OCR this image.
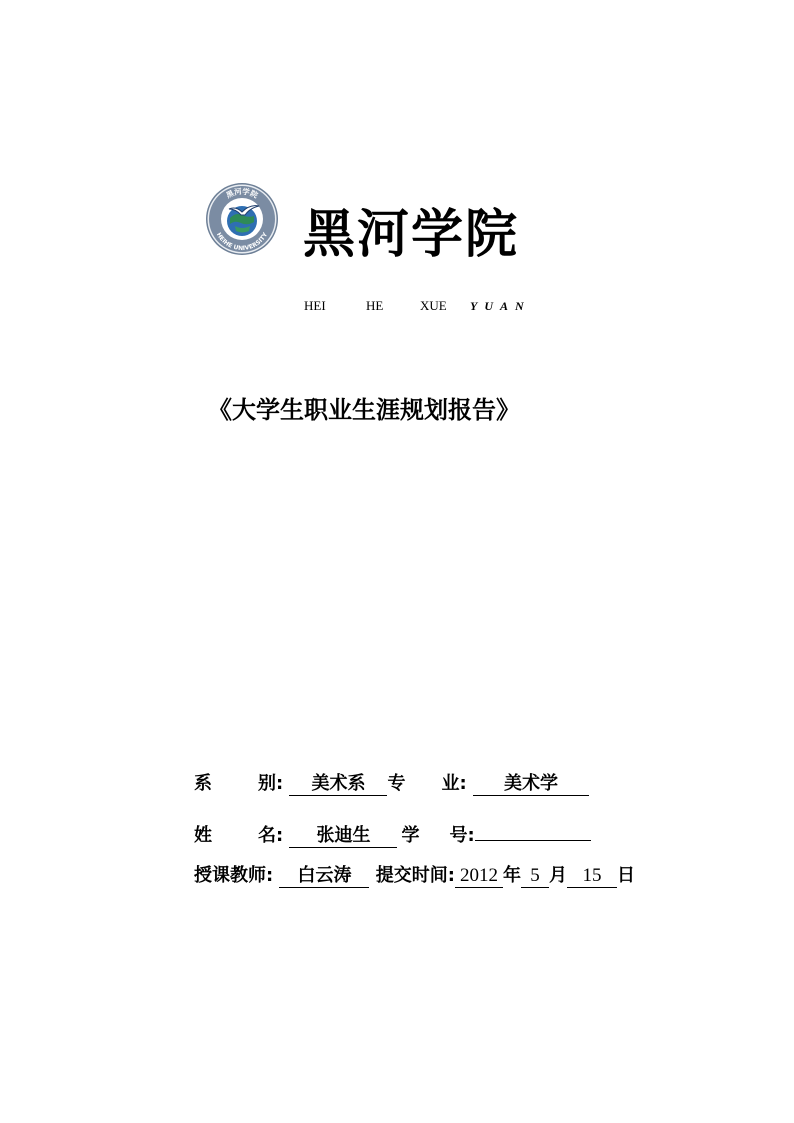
黑河学院
HEIHE UNIVERSITY 黑河学院
HEI	HE	XUE YUAN
《大学生职业生涯规划报告》
系	别: 美术系 专 业: 美术学
姓	名: 张迪生 学 号:
授课教师: 白云涛 提交时间: 2012 年 5 月 15 日
